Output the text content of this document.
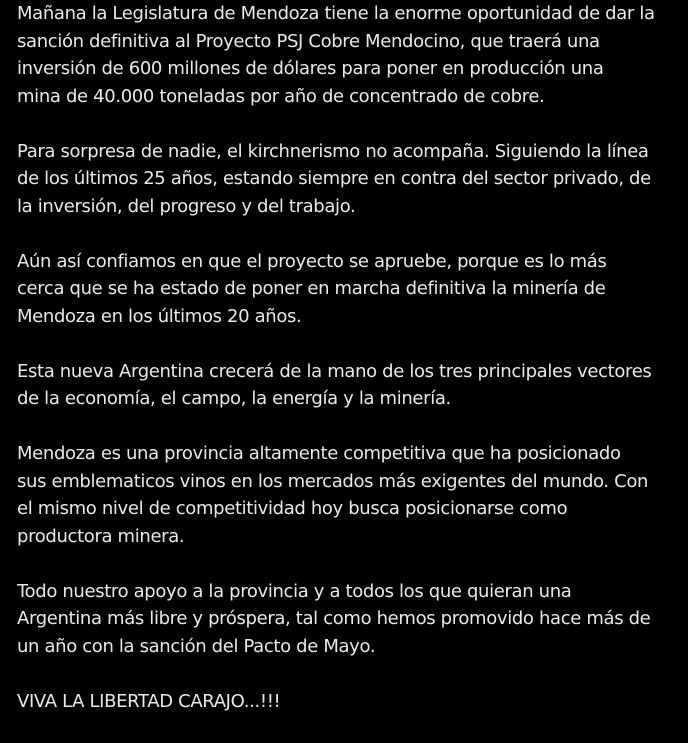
Mañana la Legislatura de Mendoza tiene la enorme oportunidad de dar la
sanción definitiva al Proyecto PSJ Cobre Mendocino, que traerá una
inversión de 600 millones de dólares para poner en producción una
mina de 40.000 toneladas por año de concentrado de cobre.

Para sorpresa de nadie, el kirchnerismo no acompaña. Siguiendo la línea
de los últimos 25 años, estando siempre en contra del sector privado, de
la inversión, del progreso y del trabajo.

Aún así confiamos en que el proyecto se apruebe, porque es lo más
cerca que se ha estado de poner en marcha definitiva la minería de
Mendoza en los últimos 20 años.

Esta nueva Argentina crecerá de la mano de los tres principales vectores
de la economía, el campo, la energía y la minería.

Mendoza es una provincia altamente competitiva que ha posicionado
sus emblematicos vinos en los mercados más exigentes del mundo. Con
el mismo nivel de competitividad hoy busca posicionarse como
productora minera.

Todo nuestro apoyo a la provincia y a todos los que quieran una
Argentina más libre y próspera, tal como hemos promovido hace más de
un año con la sanción del Pacto de Mayo.

VIVA LA LIBERTAD CARAJO...!!!
